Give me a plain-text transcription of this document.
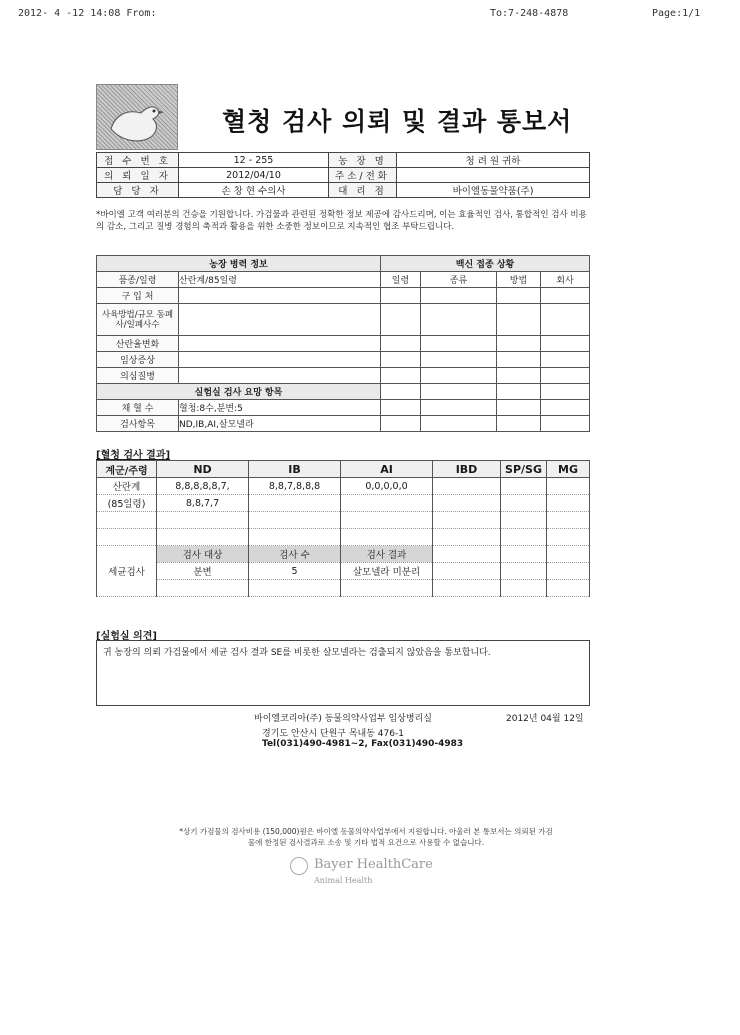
2012- 4 -12 14:08 From:	To:7-248-4878	Page:1/1
혈청 검사 의뢰 및 결과 통보서
접 수 번 호	12 - 255	농 장 명	청 려 원 귀하
의 뢰 일 자	2012/04/10	주소/전화	
담 당 자	손 창 현 수의사	대 리 점	바이엘동물약품(주)
*바이엘 고객 여러분의 건승을 기원합니다. 가검물과 관련된 정확한 정보 제공에 감사드리며, 이는 효율적인 검사, 통합적인 검사 비용의 감소, 그리고 질병 경험의 축적과 활용을 위한 소중한 정보이므로 지속적인 협조 부탁드립니다.
농장 병력 정보		백신 접종 상황			
품종/일령	산란계/85일령	일령	종류	방법	회사
구 입 처					
사육방법/규모 동폐사/일폐사수					
산란율변화					
임상증상					
의심질병					
실험실 검사 요망 항목					
채 혈 수	혈청:8수,분변:5				
검사항목	ND,IB,AI,살모넬라				
[혈청 검사 결과]
계군/주령	ND	IB	AI	IBD	SP/SG	MG
산란계	8,8,8,8,8,7,	8,8,7,8,8,8	0,0,0,0,0			
(85일령)	8,8,7,7					

세균검사	검사 대상	검사 수	검사 결과			
	분변	5	살모넬라 미분리			

[실험실 의견]
귀 농장의 의뢰 가검물에서 세균 검사 결과 SE를 비롯한 살모넬라는 검출되지 않았음을 통보합니다.
바이엘코리아(주) 동물의약사업부 임상병리실	2012년 04월 12일
경기도 안산시 단원구 목내동 476-1
Tel(031)490-4981~2, Fax(031)490-4983
*상기 가검물의 검사비용 (150,000)원은 바이엘 동물의약사업부에서 지원합니다. 아울러 본 통보서는 의뢰된 가검물에 한정된 검사결과로 소송 및 기타 법적 요건으로 사용할 수 없습니다.
Bayer HealthCare
Animal Health
